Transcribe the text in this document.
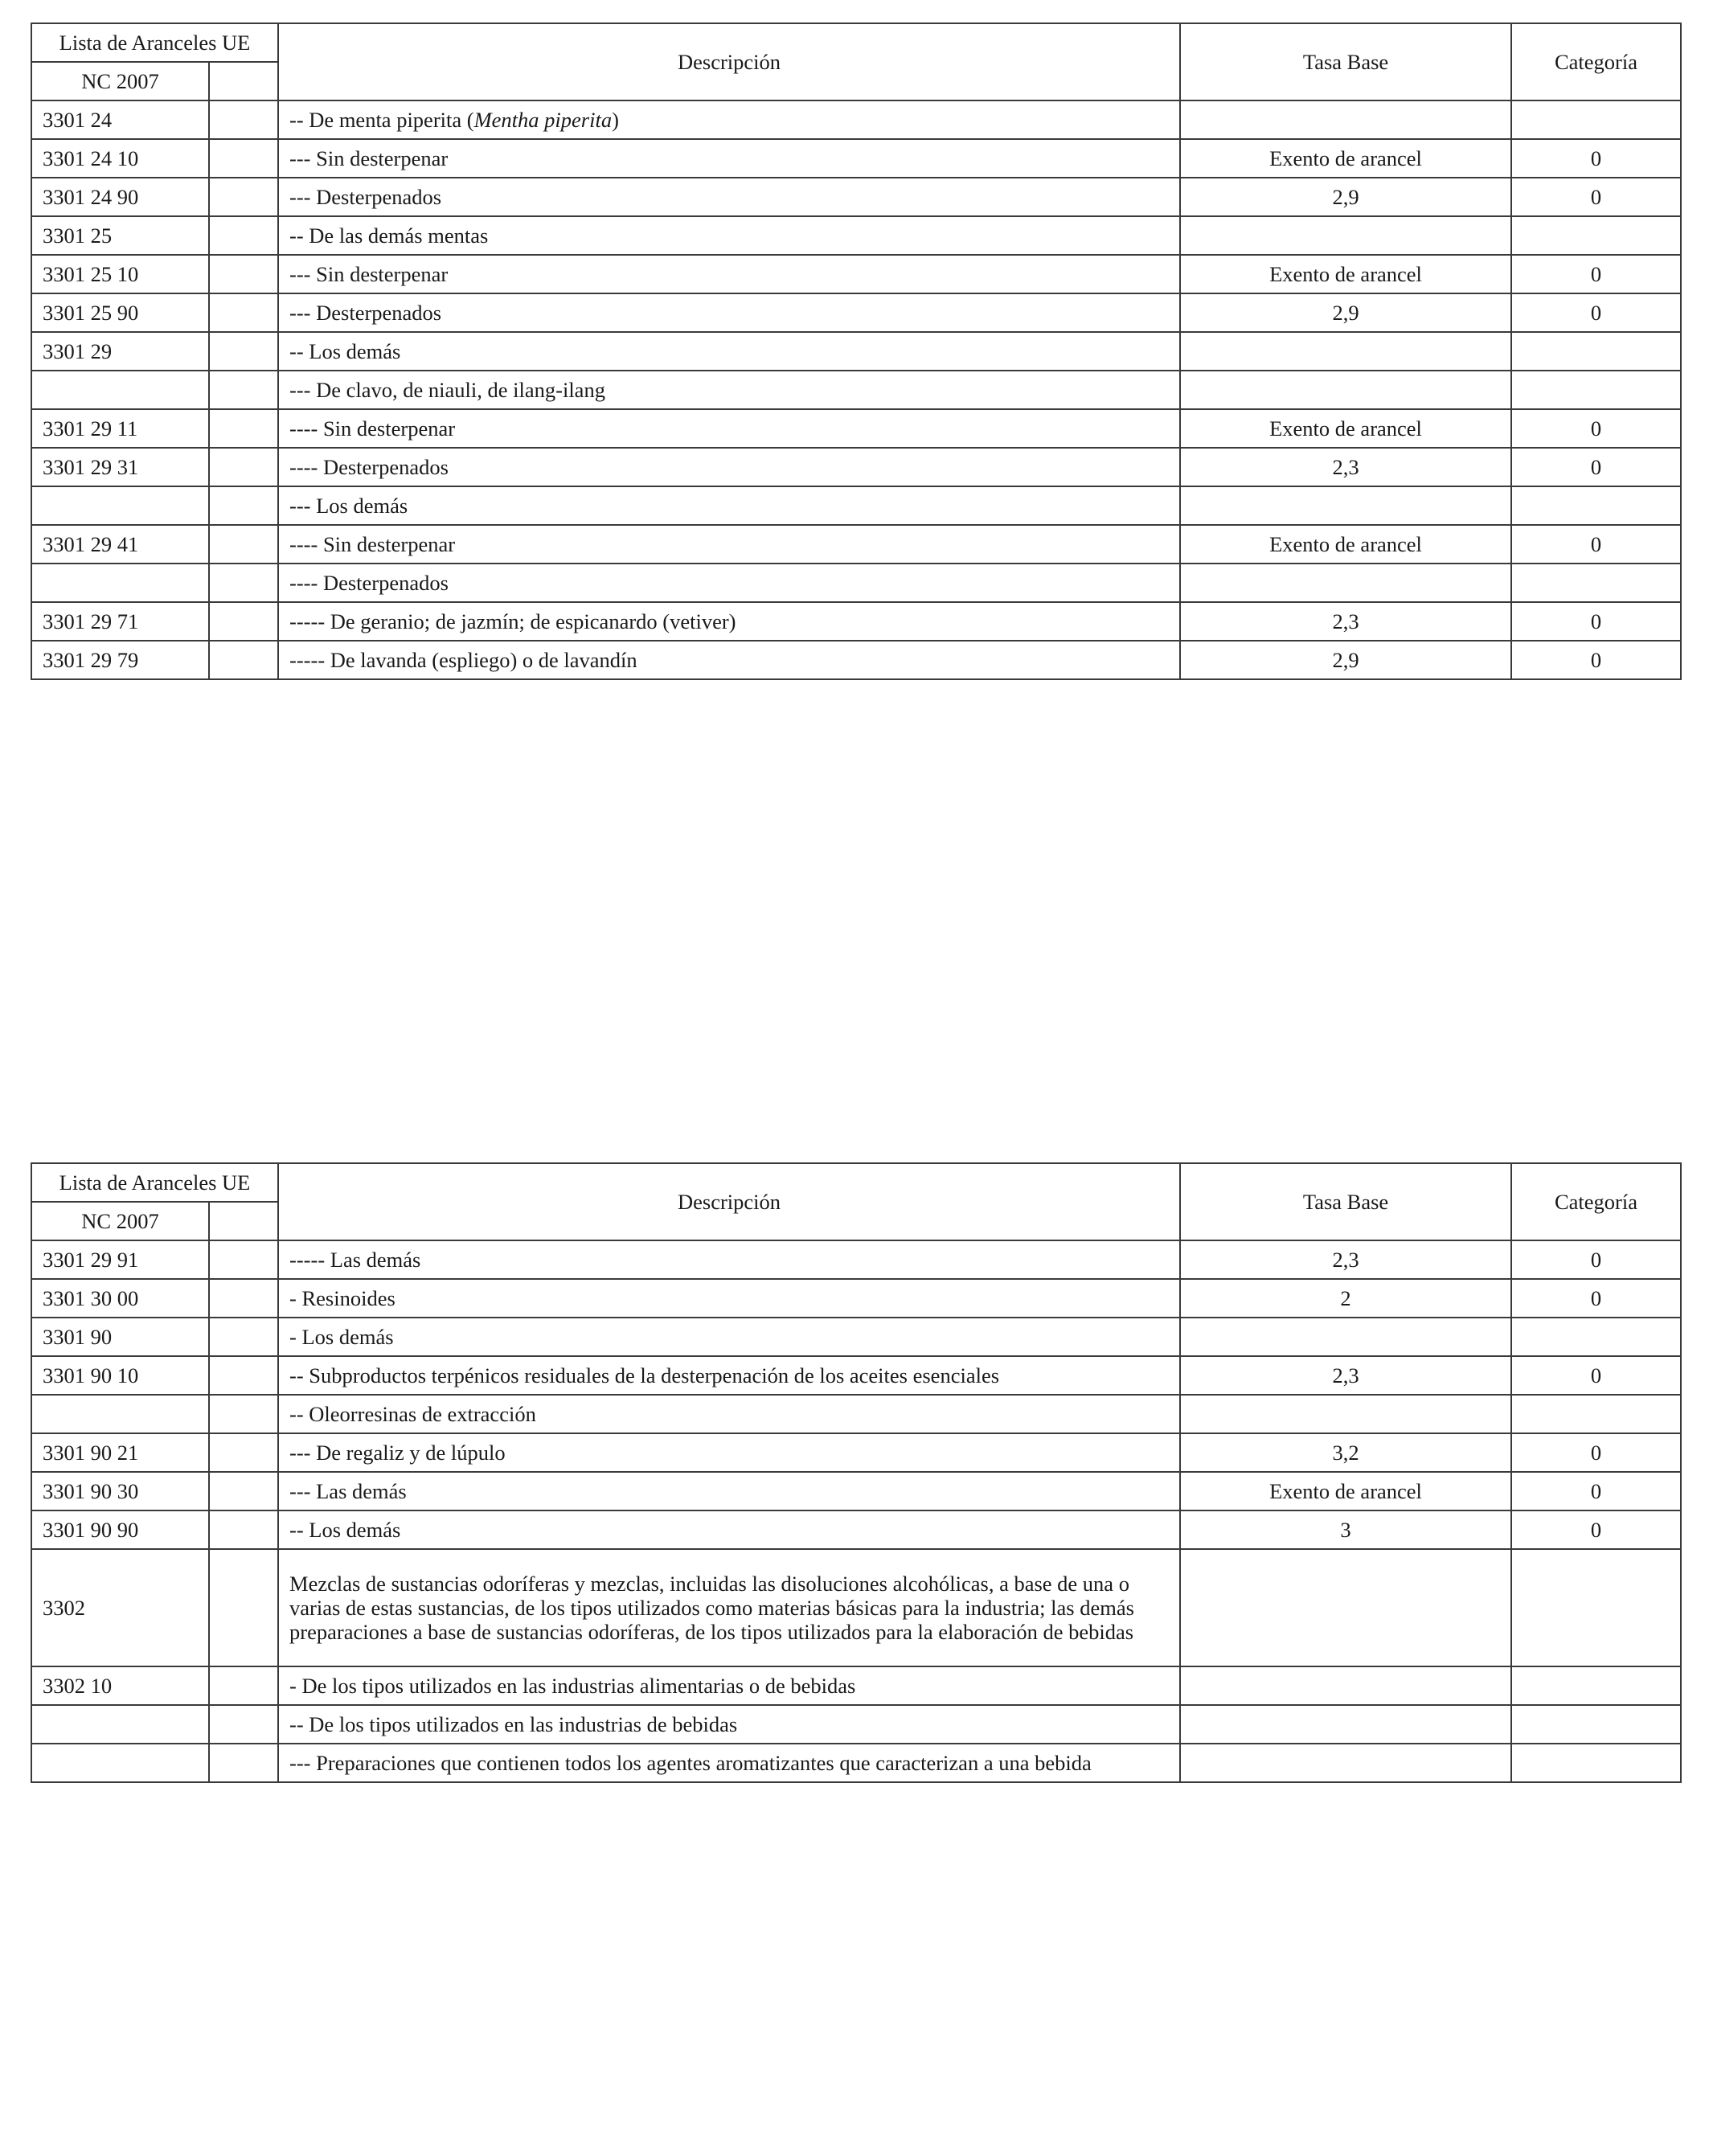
Lista de Aranceles UE		Descripción	Tasa Base	Categoría
NC 2007				
3301 24		-- De menta piperita (Mentha piperita)		
3301 24 10		--- Sin desterpenar	Exento de arancel	0
3301 24 90		--- Desterpenados	2,9	0
3301 25		-- De las demás mentas		
3301 25 10		--- Sin desterpenar	Exento de arancel	0
3301 25 90		--- Desterpenados	2,9	0
3301 29		-- Los demás		
		--- De clavo, de niauli, de ilang-ilang		
3301 29 11		---- Sin desterpenar	Exento de arancel	0
3301 29 31		---- Desterpenados	2,3	0
		--- Los demás		
3301 29 41		---- Sin desterpenar	Exento de arancel	0
		---- Desterpenados		
3301 29 71		----- De geranio; de jazmín; de espicanardo (vetiver)	2,3	0
3301 29 79		----- De lavanda (espliego) o de lavandín	2,9	0
Lista de Aranceles UE		Descripción	Tasa Base	Categoría
NC 2007				
3301 29 91		----- Las demás	2,3	0
3301 30 00		- Resinoides	2	0
3301 90		- Los demás		
3301 90 10		-- Subproductos terpénicos residuales de la desterpenación de los aceites esenciales	2,3	0
		-- Oleorresinas de extracción		
3301 90 21		--- De regaliz y de lúpulo	3,2	0
3301 90 30		--- Las demás	Exento de arancel	0
3301 90 90		-- Los demás	3	0
3302		Mezclas de sustancias odoríferas y mezclas, incluidas las disoluciones alcohólicas, a base de una o varias de estas sustancias, de los tipos utilizados como materias básicas para la industria; las demás preparaciones a base de sustancias odoríferas, de los tipos utilizados para la elaboración de bebidas		
3302 10		- De los tipos utilizados en las industrias alimentarias o de bebidas		
		-- De los tipos utilizados en las industrias de bebidas		
		--- Preparaciones que contienen todos los agentes aromatizantes que caracterizan a una bebida		
